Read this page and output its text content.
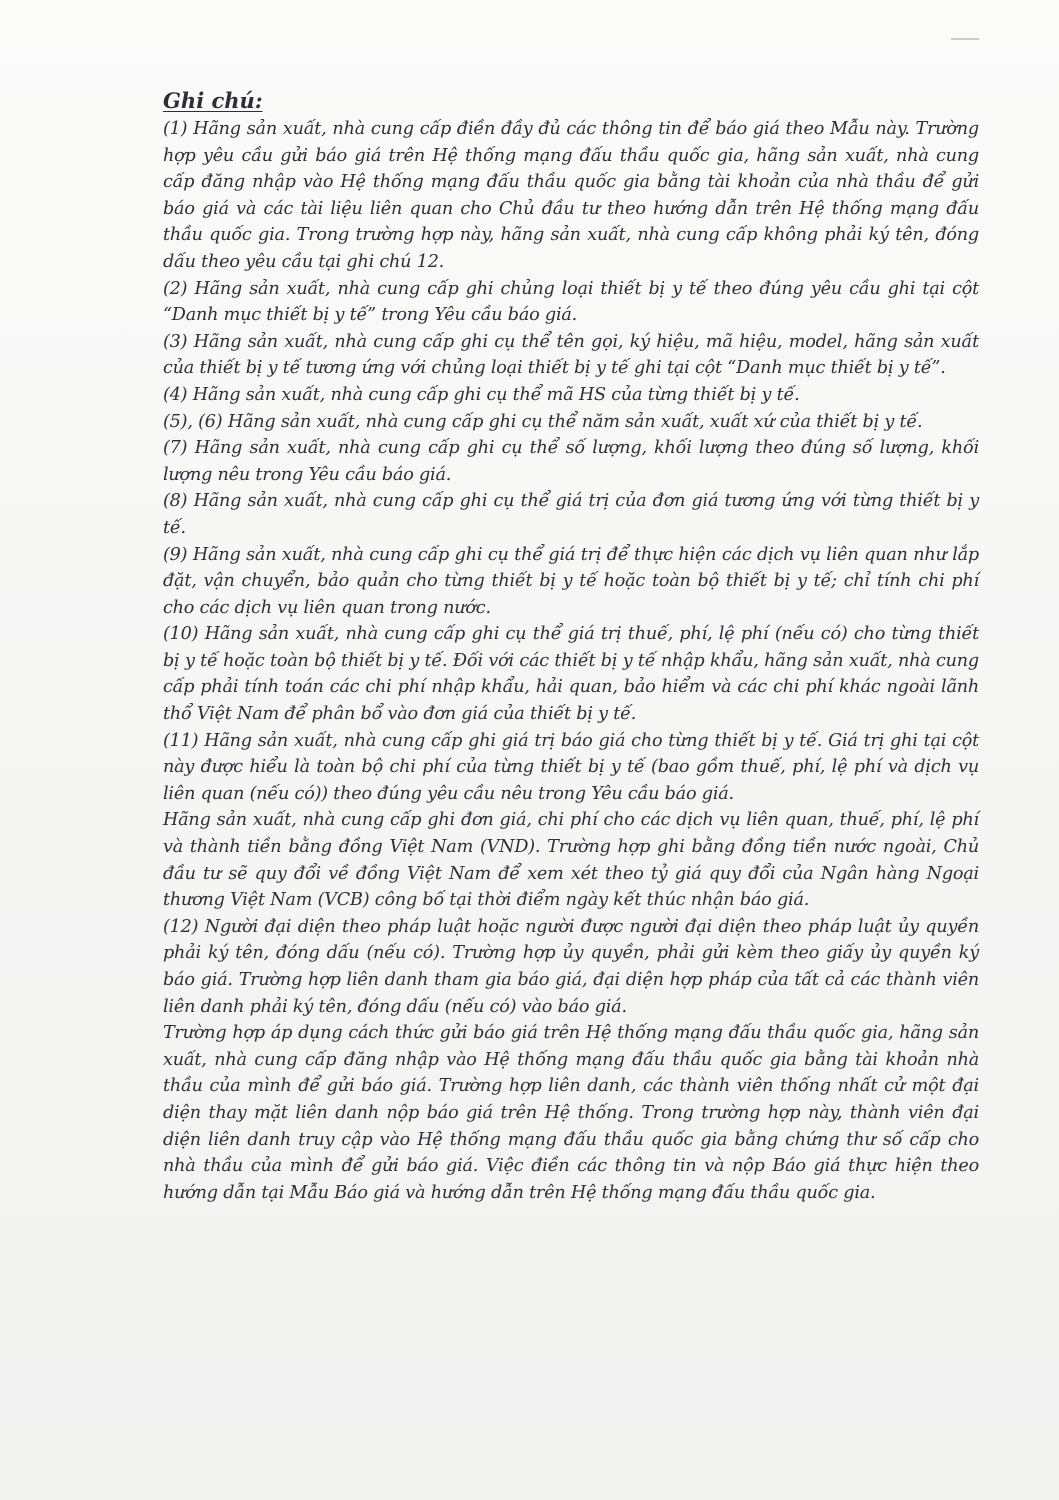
Ghi chú:

(1) Hãng sản xuất, nhà cung cấp điền đầy đủ các thông tin để báo giá theo Mẫu này. Trường hợp yêu cầu gửi báo giá trên Hệ thống mạng đấu thầu quốc gia, hãng sản xuất, nhà cung cấp đăng nhập vào Hệ thống mạng đấu thầu quốc gia bằng tài khoản của nhà thầu để gửi báo giá và các tài liệu liên quan cho Chủ đầu tư theo hướng dẫn trên Hệ thống mạng đấu thầu quốc gia. Trong trường hợp này, hãng sản xuất, nhà cung cấp không phải ký tên, đóng dấu theo yêu cầu tại ghi chú 12.

(2) Hãng sản xuất, nhà cung cấp ghi chủng loại thiết bị y tế theo đúng yêu cầu ghi tại cột “Danh mục thiết bị y tế” trong Yêu cầu báo giá.

(3) Hãng sản xuất, nhà cung cấp ghi cụ thể tên gọi, ký hiệu, mã hiệu, model, hãng sản xuất của thiết bị y tế tương ứng với chủng loại thiết bị y tế ghi tại cột “Danh mục thiết bị y tế”.

(4) Hãng sản xuất, nhà cung cấp ghi cụ thể mã HS của từng thiết bị y tế.

(5), (6) Hãng sản xuất, nhà cung cấp ghi cụ thể năm sản xuất, xuất xứ của thiết bị y tế.

(7) Hãng sản xuất, nhà cung cấp ghi cụ thể số lượng, khối lượng theo đúng số lượng, khối lượng nêu trong Yêu cầu báo giá.

(8) Hãng sản xuất, nhà cung cấp ghi cụ thể giá trị của đơn giá tương ứng với từng thiết bị y tế.

(9) Hãng sản xuất, nhà cung cấp ghi cụ thể giá trị để thực hiện các dịch vụ liên quan như lắp đặt, vận chuyển, bảo quản cho từng thiết bị y tế hoặc toàn bộ thiết bị y tế; chỉ tính chi phí cho các dịch vụ liên quan trong nước.

(10) Hãng sản xuất, nhà cung cấp ghi cụ thể giá trị thuế, phí, lệ phí (nếu có) cho từng thiết bị y tế hoặc toàn bộ thiết bị y tế. Đối với các thiết bị y tế nhập khẩu, hãng sản xuất, nhà cung cấp phải tính toán các chi phí nhập khẩu, hải quan, bảo hiểm và các chi phí khác ngoài lãnh thổ Việt Nam để phân bổ vào đơn giá của thiết bị y tế.

(11) Hãng sản xuất, nhà cung cấp ghi giá trị báo giá cho từng thiết bị y tế. Giá trị ghi tại cột này được hiểu là toàn bộ chi phí của từng thiết bị y tế (bao gồm thuế, phí, lệ phí và dịch vụ liên quan (nếu có)) theo đúng yêu cầu nêu trong Yêu cầu báo giá.

Hãng sản xuất, nhà cung cấp ghi đơn giá, chi phí cho các dịch vụ liên quan, thuế, phí, lệ phí và thành tiền bằng đồng Việt Nam (VND). Trường hợp ghi bằng đồng tiền nước ngoài, Chủ đầu tư sẽ quy đổi về đồng Việt Nam để xem xét theo tỷ giá quy đổi của Ngân hàng Ngoại thương Việt Nam (VCB) công bố tại thời điểm ngày kết thúc nhận báo giá.

(12) Người đại diện theo pháp luật hoặc người được người đại diện theo pháp luật ủy quyền phải ký tên, đóng dấu (nếu có). Trường hợp ủy quyền, phải gửi kèm theo giấy ủy quyền ký báo giá. Trường hợp liên danh tham gia báo giá, đại diện hợp pháp của tất cả các thành viên liên danh phải ký tên, đóng dấu (nếu có) vào báo giá.

Trường hợp áp dụng cách thức gửi báo giá trên Hệ thống mạng đấu thầu quốc gia, hãng sản xuất, nhà cung cấp đăng nhập vào Hệ thống mạng đấu thầu quốc gia bằng tài khoản nhà thầu của mình để gửi báo giá. Trường hợp liên danh, các thành viên thống nhất cử một đại diện thay mặt liên danh nộp báo giá trên Hệ thống. Trong trường hợp này, thành viên đại diện liên danh truy cập vào Hệ thống mạng đấu thầu quốc gia bằng chứng thư số cấp cho nhà thầu của mình để gửi báo giá. Việc điền các thông tin và nộp Báo giá thực hiện theo hướng dẫn tại Mẫu Báo giá và hướng dẫn trên Hệ thống mạng đấu thầu quốc gia.
